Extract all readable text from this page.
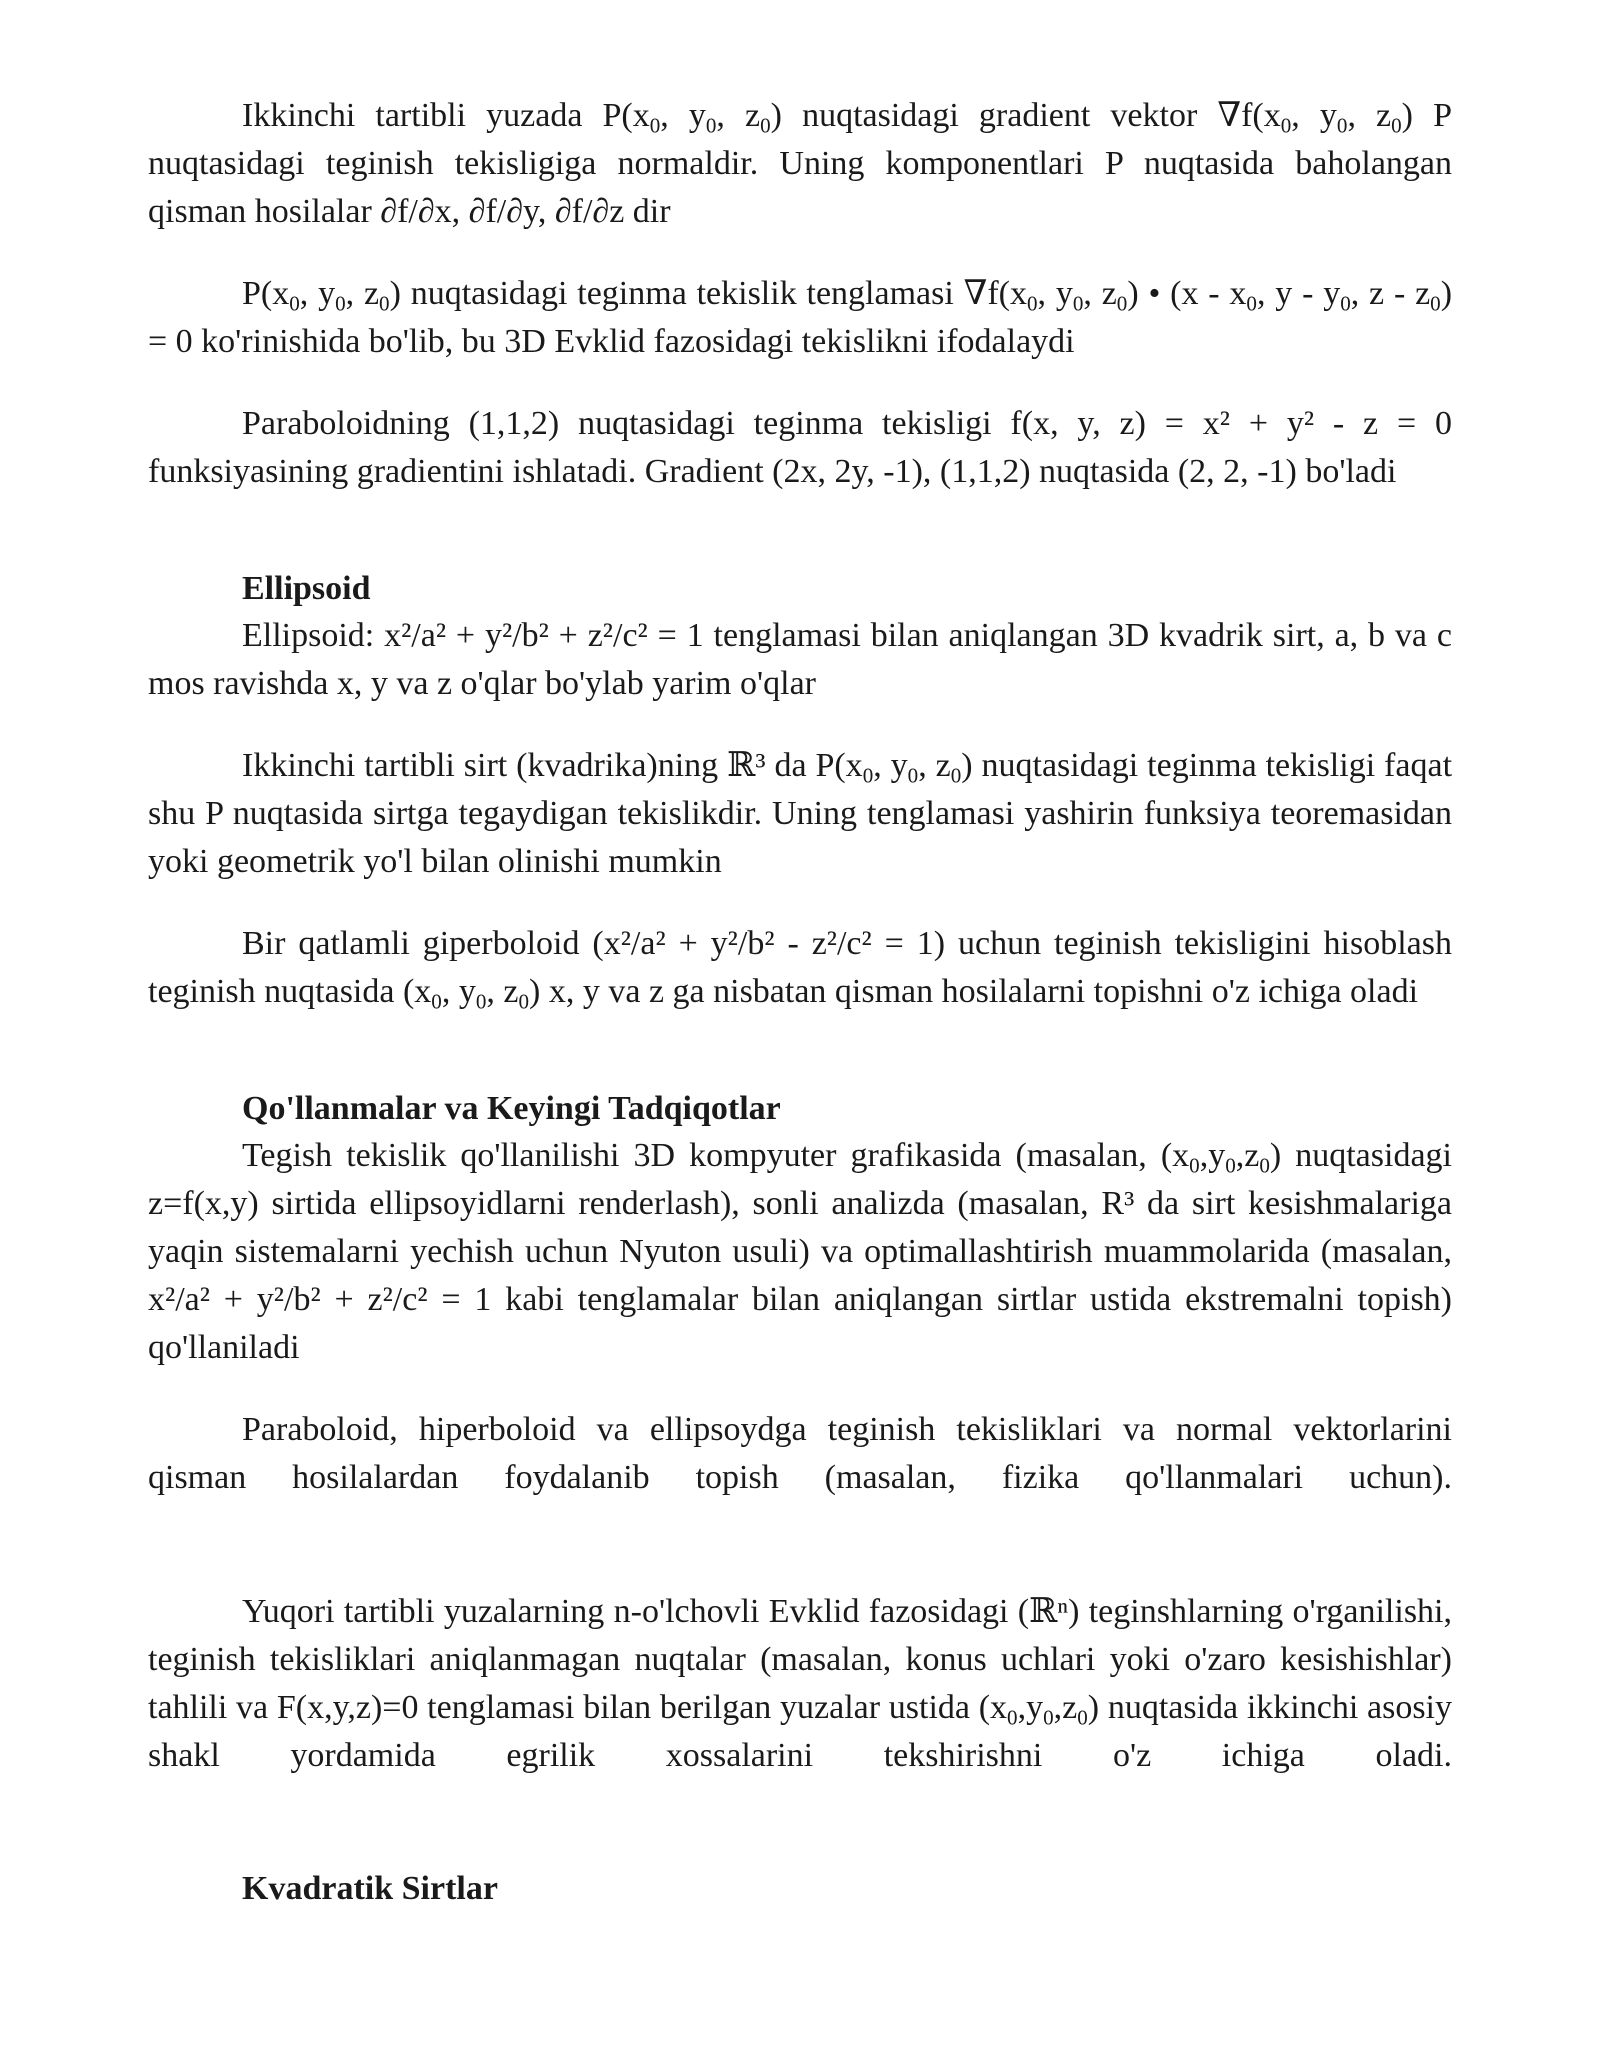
Ikkinchi tartibli yuzada $P(x_0$, $y_0$, $z_0$) nuqtasidagi gradient vektor $\nabla f(x_0$, $y_0$, $z_0$) P nuqtasidagi teginish tekisligiga normaldir. Uning komponentlari P nuqtasida baholangan qisman hosilalar ∂f/∂x, ∂f/∂y, ∂f/∂z dir

$P(x_0$, $y_0$, $z_0$) nuqtasidagi teginma tekislik tenglamasi $\nabla f(x_0$, $y_0$, $z_0$) • ($x - x_0$, y - $y_0$, $z - z_0) = 0$ ko'rinishida bo'lib, bu 3D Evklid fazosidagi tekislikni ifodalaydi

Paraboloidning (1,1,2) nuqtasidagi teginma tekisligi f(x, y, z) = x² + y² - z = 0 funksiyasining gradientini ishlatadi. Gradient (2x, 2y, -1), (1,1,2) nuqtasida (2, 2, -1) bo'ladi

Ellipsoid

Ellipsoid: x²/a² + y²/b² + z²/c² = 1 tenglamasi bilan aniqlangan 3D kvadrik sirt, a, b va c mos ravishda x, y va z o'qlar bo'ylab yarim o'qlar

Ikkinchi tartibli sirt (kvadrika)ning ℝ³ da $P(x_0$, $y_0$, $z_0$) nuqtasidagi teginma tekisligi faqat shu P nuqtasida sirtga tegaydigan tekislikdir. Uning tenglamasi yashirin funksiya teoremasidan yoki geometrik yo'l bilan olinishi mumkin

Bir qatlamli giperboloid (x²/a² + y²/b² - z²/c² = 1) uchun teginish tekisligini hisoblash teginish nuqtasida ($x_0$, $y_0$, $z_0$) x, y va z ga nisbatan qisman hosilalarni topishni o'z ichiga oladi

Qo'llanmalar va Keyingi Tadqiqotlar

Tegish tekislik qo'llanilishi 3D kompyuter grafikasida (masalan, $(x_0,y_0,z_0)$ nuqtasidagi z=f(x,y) sirtida ellipsoyidlarni renderlash), sonli analizda (masalan, R³ da sirt kesishmalariga yaqin sistemalarni yechish uchun Nyuton usuli) va optimallashtirish muammolarida (masalan, x²/a² + y²/b² + z²/c² = 1 kabi tenglamalar bilan aniqlangan sirtlar ustida ekstremalni topish) qo'llaniladi

Paraboloid, hiperboloid va ellipsoydga teginish tekisliklari va normal vektorlarini qisman hosilalardan foydalanib topish (masalan, fizika qo'llanmalari uchun).

Yuqori tartibli yuzalarning n-o'lchovli Evklid fazosidagi (ℝⁿ) teginshlarning o'rganilishi, teginish tekisliklari aniqlanmagan nuqtalar (masalan, konus uchlari yoki o'zaro kesishishlar) tahlili va F(x,y,z)=0 tenglamasi bilan berilgan yuzalar ustida $(x_0,y_0,z_0)$ nuqtasida ikkinchi asosiy shakl yordamida egrilik xossalarini tekshirishni o'z ichiga oladi.

Kvadratik Sirtlar
